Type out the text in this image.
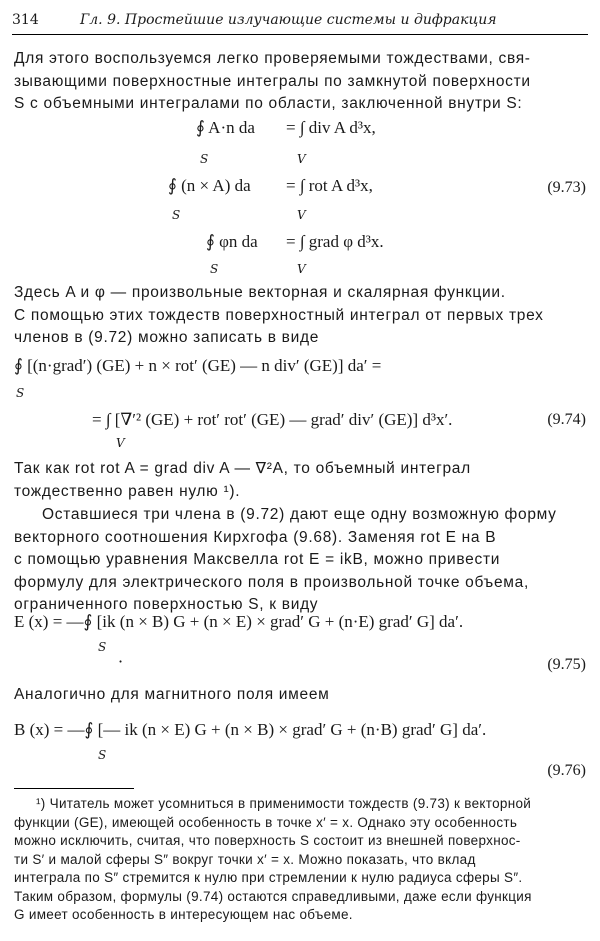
314	Гл. 9. Простейшие излучающие системы и дифракция
Для этого воспользуемся легко проверяемыми тождествами, свя-
зывающими поверхностные интегралы по замкнутой поверхности
S с объемными интегралами по области, заключенной внутри S:
∮ A·n da = ∫ div A d³x,
S	V
∮ (n × A) da = ∫ rot A d³x,
S	V
(9.73)
∮ φn da = ∫ grad φ d³x.
S	V
Здесь A и φ — произвольные векторная и скалярная функции.
С помощью этих тождеств поверхностный интеграл от первых трех
членов в (9.72) можно записать в виде
∮ [(n·grad′) (GE) + n × rot′ (GE) — n div′ (GE)] da′ =
S
= ∫ [∇′² (GE) + rot′ rot′ (GE) — grad′ div′ (GE)] d³x′.
V
(9.74)
Так как rot rot A = grad div A — ∇²A, то объемный интеграл
тождественно равен нулю ¹).
Оставшиеся три члена в (9.72) дают еще одну возможную форму
векторного соотношения Кирхгофа (9.68). Заменяя rot E на B
с помощью уравнения Максвелла rot E = ikB, можно привести
формулу для электрического поля в произвольной точке объема,
ограниченного поверхностью S, к виду
E (x) = —∮ [ik (n × B) G + (n × E) × grad′ G + (n·E) grad′ G] da′.
S
·	(9.75)
Аналогично для магнитного поля имеем
B (x) = —∮ [— ik (n × E) G + (n × B) × grad′ G + (n·B) grad′ G] da′.
S
(9.76)
¹) Читатель может усомниться в применимости тождеств (9.73) к векторной
функции (GE), имеющей особенность в точке x′ = x. Однако эту особенность
можно исключить, считая, что поверхность S состоит из внешней поверхнос-
ти S′ и малой сферы S″ вокруг точки x′ = x. Можно показать, что вклад
интеграла по S″ стремится к нулю при стремлении к нулю радиуса сферы S″.
Таким образом, формулы (9.74) остаются справедливыми, даже если функция
G имеет особенность в интересующем нас объеме.
